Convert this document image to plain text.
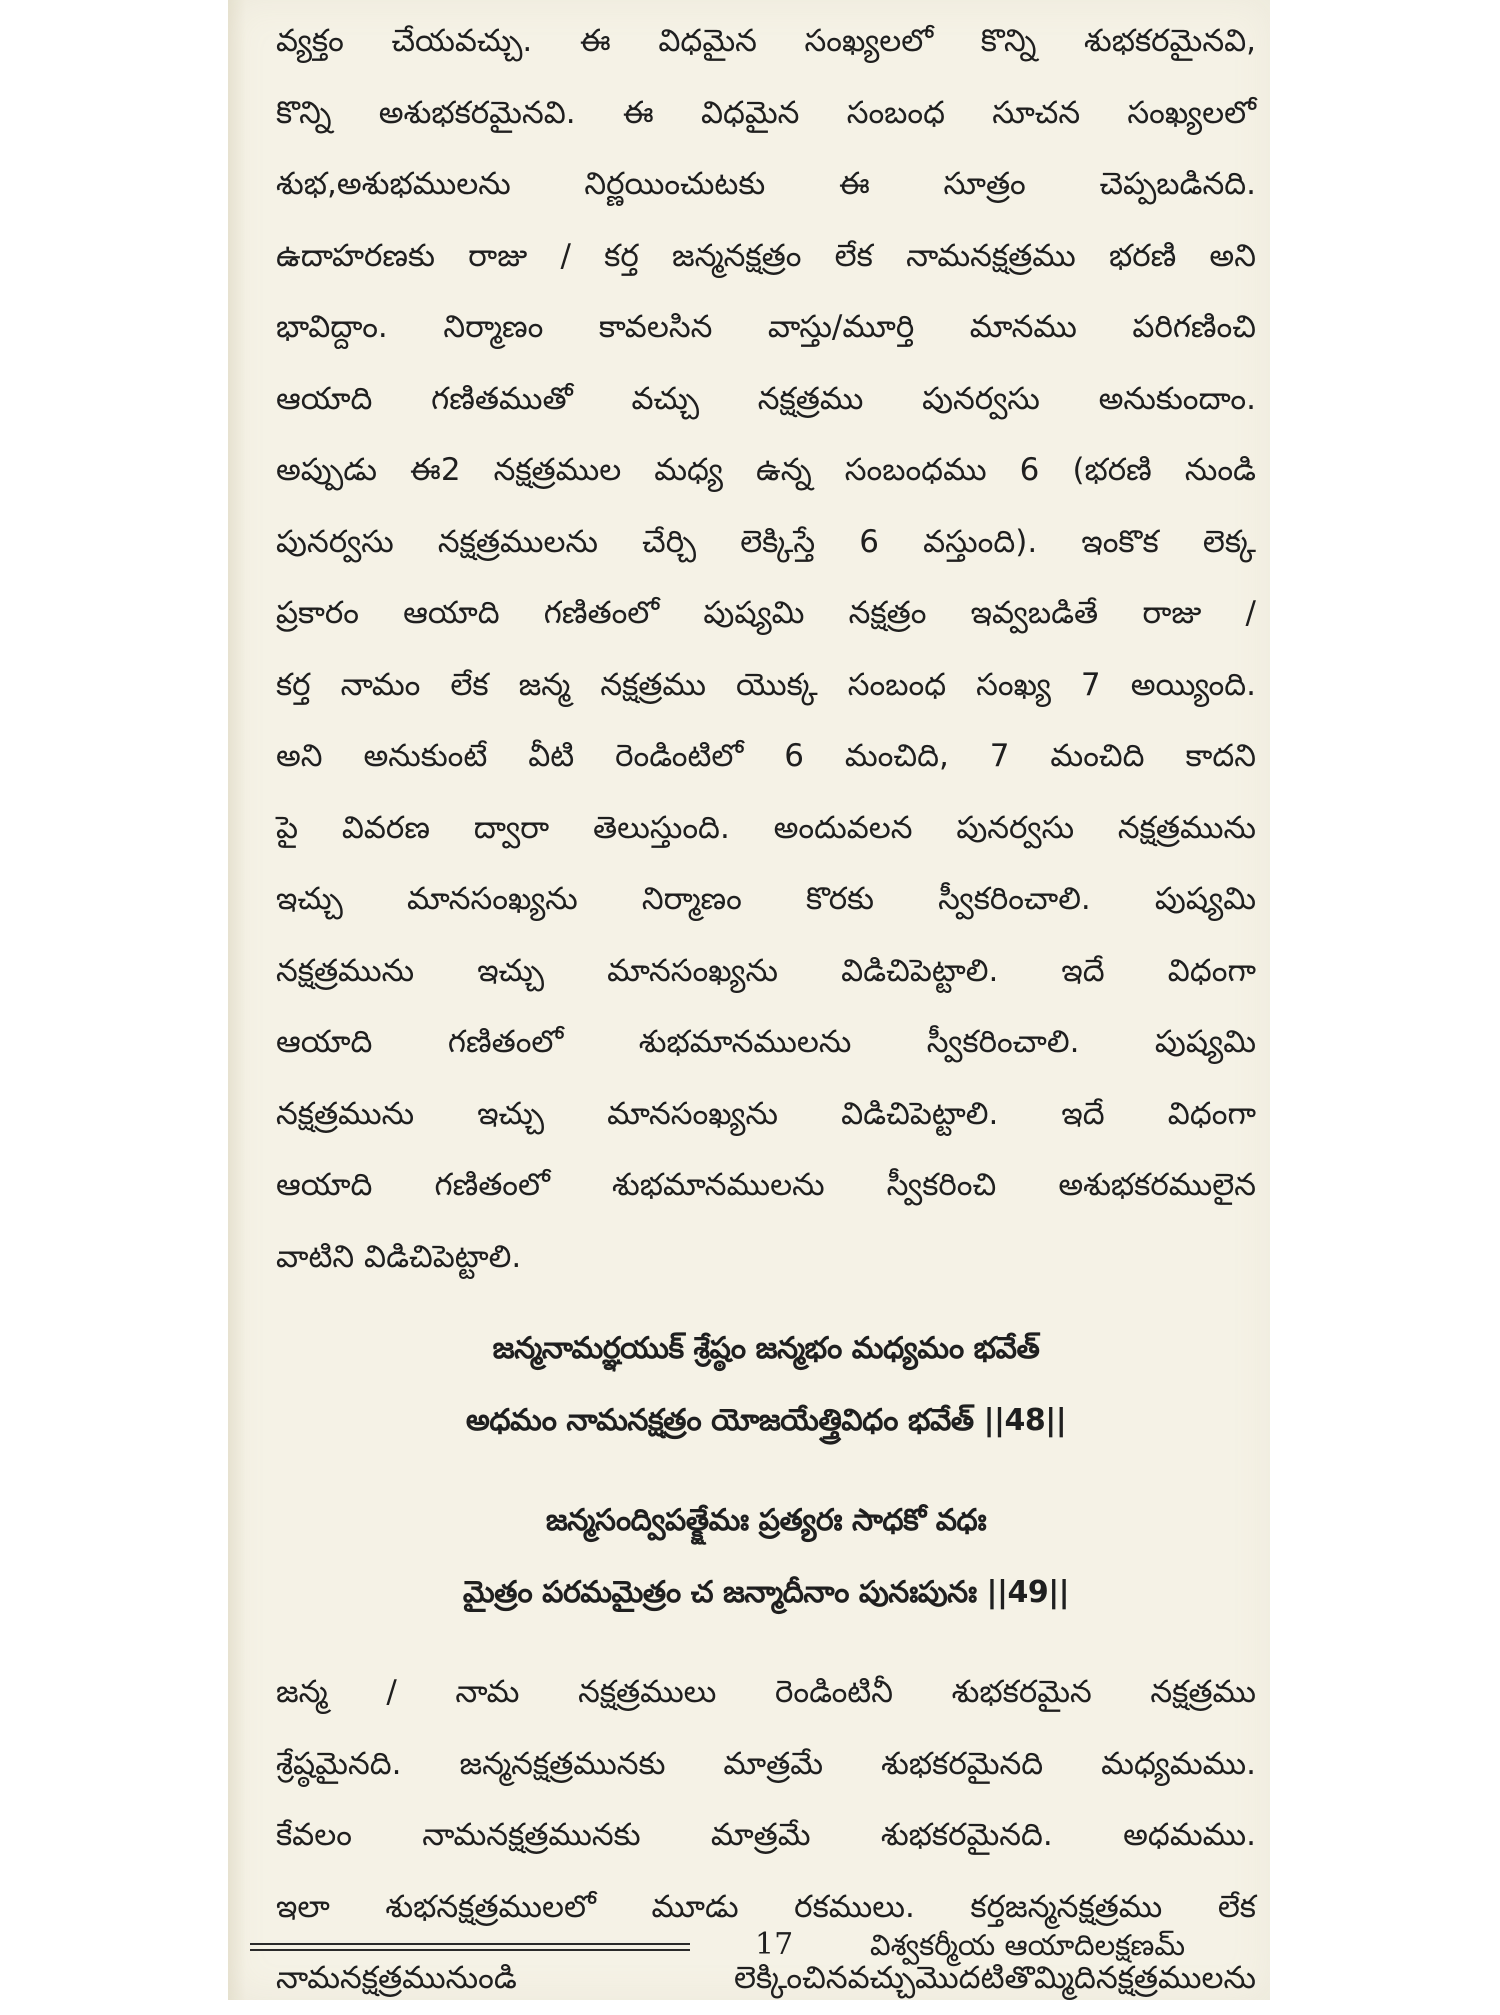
వ్యక్తం చేయవచ్చు. ఈ విధమైన సంఖ్యలలో కొన్ని శుభకరమైనవి,
కొన్ని అశుభకరమైనవి. ఈ విధమైన సంబంధ సూచన సంఖ్యలలో
శుభ,అశుభములను నిర్ణయించుటకు ఈ సూత్రం చెప్పబడినది.
ఉదాహరణకు రాజు / కర్త జన్మనక్షత్రం లేక నామనక్షత్రము భరణి అని
భావిద్దాం. నిర్మాణం కావలసిన వాస్తు/మూర్తి మానము పరిగణించి
ఆయాది గణితముతో వచ్చు నక్షత్రము పునర్వసు అనుకుందాం.
అప్పుడు ఈ2 నక్షత్రముల మధ్య ఉన్న సంబంధము 6 (భరణి నుండి
పునర్వసు నక్షత్రములను చేర్చి లెక్కిస్తే 6 వస్తుంది). ఇంకొక లెక్క
ప్రకారం ఆయాది గణితంలో పుష్యమి నక్షత్రం ఇవ్వబడితే రాజు /
కర్త నామం లేక జన్మ నక్షత్రము యొక్క సంబంధ సంఖ్య 7 అయ్యింది.
అని అనుకుంటే వీటి రెండింటిలో 6 మంచిది, 7 మంచిది కాదని
పై వివరణ ద్వారా తెలుస్తుంది. అందువలన పునర్వసు నక్షత్రమును
ఇచ్చు మానసంఖ్యను నిర్మాణం కొరకు స్వీకరించాలి. పుష్యమి
నక్షత్రమును ఇచ్చు మానసంఖ్యను విడిచిపెట్టాలి. ఇదే విధంగా
ఆయాది గణితంలో శుభమానములను స్వీకరించాలి. పుష్యమి
నక్షత్రమును ఇచ్చు మానసంఖ్యను విడిచిపెట్టాలి. ఇదే విధంగా
ఆయాది గణితంలో శుభమానములను స్వీకరించి అశుభకరములైన
వాటిని విడిచిపెట్టాలి.

జన్మనామర్ఞయుక్ శ్రేష్ఠం జన్మభం మధ్యమం భవేత్
అధమం నామనక్షత్రం యోజయేత్త్రివిధం భవేత్ ||48||

జన్మసంద్విపత్క్షేమః ప్రత్యరః సాధకో వధః
మైత్రం పరమమైత్రం చ జన్మాదీనాం పునఃపునః ||49||

జన్మ / నామ నక్షత్రములు రెండింటినీ శుభకరమైన నక్షత్రము
శ్రేష్ఠమైనది. జన్మనక్షత్రమునకు మాత్రమే శుభకరమైనది మధ్యమము.
కేవలం నామనక్షత్రమునకు మాత్రమే శుభకరమైనది. అధమము.
ఇలా శుభనక్షత్రములలో మూడు రకములు. కర్తజన్మనక్షత్రము లేక
నామనక్షత్రమునుండి లెక్కించినవచ్చుమొదటితొమ్మిదినక్షత్రములను

17	విశ్వకర్మీయ ఆయాదిలక్షణమ్
